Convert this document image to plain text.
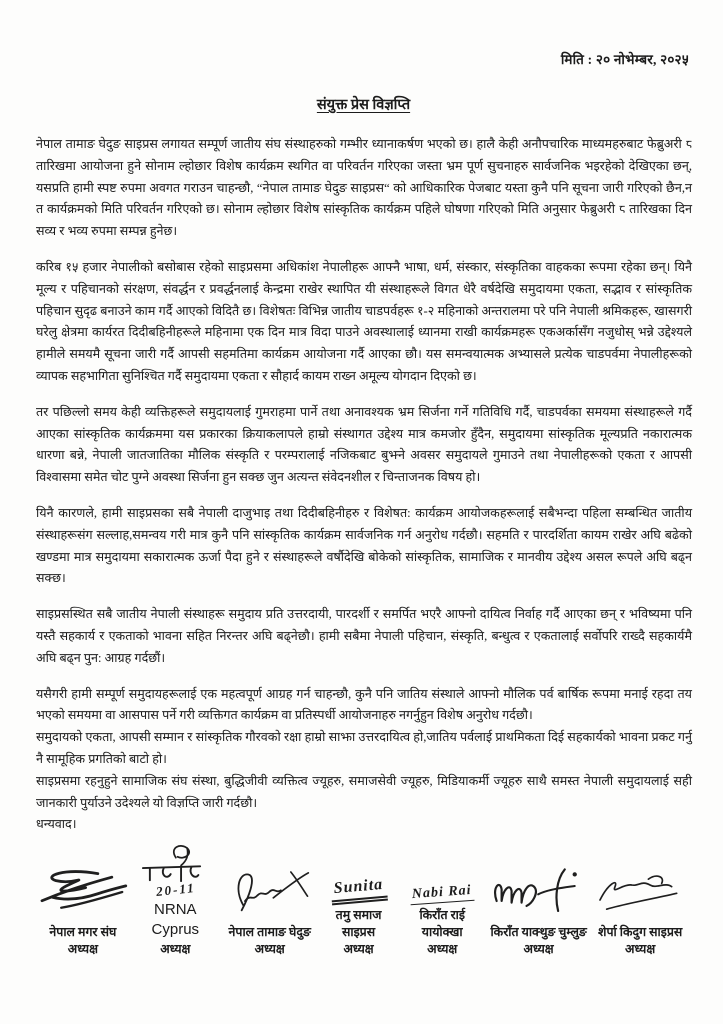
मिति : २० नोभेम्बर, २०२५
संयुक्त प्रेस विज्ञप्ति

नेपाल तामाङ घेदुङ साइप्रस लगायत सम्पूर्ण जातीय संघ संस्थाहरुको गम्भीर ध्यानाकर्षण भएको छ। हालै केही अनौपचारिक माध्यमहरुबाट फेब्रुअरी ८ तारिखमा आयोजना हुने सोनाम ल्होछार विशेष कार्यक्रम स्थगित वा परिवर्तन गरिएका जस्ता भ्रम पूर्ण सुचनाहरु सार्वजनिक भइरहेको देखिएका छन्, यसप्रति हामी स्पष्ट रुपमा अवगत गराउन चाहन्छौ, “नेपाल तामाङ घेदुङ साइप्रस“ को आधिकारिक पेजबाट यस्ता कुनै पनि सूचना जारी गरिएको छैन,न त कार्यक्रमको मिति परिवर्तन गरिएको छ। सोनाम ल्होछार विशेष सांस्कृतिक कार्यक्रम पहिले घोषणा गरिएको मिति अनुसार फेब्रुअरी ८ तारिखका दिन सव्य र भव्य रुपमा सम्पन्न हुनेछ।

करिब १५ हजार नेपालीको बसोबास रहेको साइप्रसमा अधिकांश नेपालीहरू आफ्नै भाषा, धर्म, संस्कार, संस्कृतिका वाहकका रूपमा रहेका छन्। यिनै मूल्य र पहिचानको संरक्षण, संवर्द्धन र प्रवर्द्धनलाई केन्द्रमा राखेर स्थापित यी संस्थाहरूले विगत धेरै वर्षदेखि समुदायमा एकता, सद्भाव र सांस्कृतिक पहिचान सुदृढ बनाउने काम गर्दै आएको विदितै छ। विशेषतः विभिन्न जातीय चाडपर्वहरू १-२ महिनाको अन्तरालमा परे पनि नेपाली श्रमिकहरू, खासगरी घरेलु क्षेत्रमा कार्यरत दिदीबहिनीहरूले महिनामा एक दिन मात्र विदा पाउने अवस्थालाई ध्यानमा राखी कार्यक्रमहरू एकअर्कासँग नजुधोस् भन्ने उद्देश्यले हामीले समयमै सूचना जारी गर्दै आपसी सहमतिमा कार्यक्रम आयोजना गर्दै आएका छौ। यस समन्वयात्मक अभ्यासले प्रत्येक चाडपर्वमा नेपालीहरूको व्यापक सहभागिता सुनिश्चित गर्दै समुदायमा एकता र सौहार्द कायम राख्न अमूल्य योगदान दिएको छ।

तर पछिल्लो समय केही व्यक्तिहरूले समुदायलाई गुमराहमा पार्ने तथा अनावश्यक भ्रम सिर्जना गर्ने गतिविधि गर्दै, चाडपर्वका समयमा संस्थाहरूले गर्दै आएका सांस्कृतिक कार्यक्रममा यस प्रकारका क्रियाकलापले हाम्रो संस्थागत उद्देश्य मात्र कमजोर हुँदैन, समुदायमा सांस्कृतिक मूल्यप्रति नकारात्मक धारणा बन्ने, नेपाली जातजातिका मौलिक संस्कृति र परम्परालाई नजिकबाट बुझ्ने अवसर समुदायले गुमाउने तथा नेपालीहरूको एकता र आपसी विश्वासमा समेत चोट पुग्ने अवस्था सिर्जना हुन सक्छ जुन अत्यन्त संवेदनशील र चिन्ताजनक विषय हो।

यिनै कारणले, हामी साइप्रसका सबै नेपाली दाजुभाइ तथा दिदीबहिनीहरु र विशेषत: कार्यक्रम आयोजकहरूलाई सबैभन्दा पहिला सम्बन्धित जातीय संस्थाहरूसंग सल्लाह,समन्वय गरी मात्र कुनै पनि सांस्कृतिक कार्यक्रम सार्वजनिक गर्न अनुरोध गर्दछौ। सहमति र पारदर्शिता कायम राखेर अघि बढेको खण्डमा मात्र समुदायमा सकारात्मक ऊर्जा पैदा हुने र संस्थाहरूले वर्षौदेखि बोकेको सांस्कृतिक, सामाजिक र मानवीय उद्देश्य असल रूपले अघि बढ्न सक्छ।

साइप्रसस्थित सबै जातीय नेपाली संस्थाहरू समुदाय प्रति उत्तरदायी, पारदर्शी र समर्पित भएरै आफ्नो दायित्व निर्वाह गर्दै आएका छन् र भविष्यमा पनि यस्तै सहकार्य र एकताको भावना सहित निरन्तर अघि बढ्नेछौ। हामी सबैमा नेपाली पहिचान, संस्कृति, बन्धुत्व र एकतालाई सर्वोपरि राख्दै सहकार्यमै अघि बढ्न पुन: आग्रह गर्दछौं।

यसैगरी हामी सम्पूर्ण समुदायहरूलाई एक महत्वपूर्ण आग्रह गर्न चाहन्छौ, कुनै पनि जातिय संस्थाले आफ्नो मौलिक पर्व बार्षिक रूपमा मनाई रहदा तय भएको समयमा वा आसपास पर्ने गरी व्यक्तिगत कार्यक्रम वा प्रतिस्पर्धी आयोजनाहरु नगर्नुहुन विशेष अनुरोध गर्दछौ।

समुदायको एकता, आपसी सम्मान र सांस्कृतिक गौरवको रक्षा हाम्रो साझा उत्तरदायित्व हो,जातिय पर्वलाई प्राथमिकता दिई सहकार्यको भावना प्रकट गर्नु नै सामूहिक प्रगतिको बाटो हो।

साइप्रसमा रहनुहुने सामाजिक संघ संस्था, बुद्धिजीवी व्यक्तित्व ज्यूहरु, समाजसेवी ज्यूहरु, मिडियाकर्मी ज्यूहरु साथै समस्त नेपाली समुदायलाई सही जानकारी पुर्याउने उदेश्यले यो विज्ञप्ति जारी गर्दछौ।

धन्यवाद।

नेपाल मगर संघ
अध्यक्ष
20-11
NRNA Cyprus
अध्यक्ष
नेपाल तामाङ घेदुङ
अध्यक्ष
Sunita
तमु समाज साइप्रस
अध्यक्ष
Nabi Rai
किराँत राई यायोक्खा
अध्यक्ष
किराँत याक्थुङ चुम्लुङ
अध्यक्ष
शेर्पा किदुग साइप्रस
अध्यक्ष
